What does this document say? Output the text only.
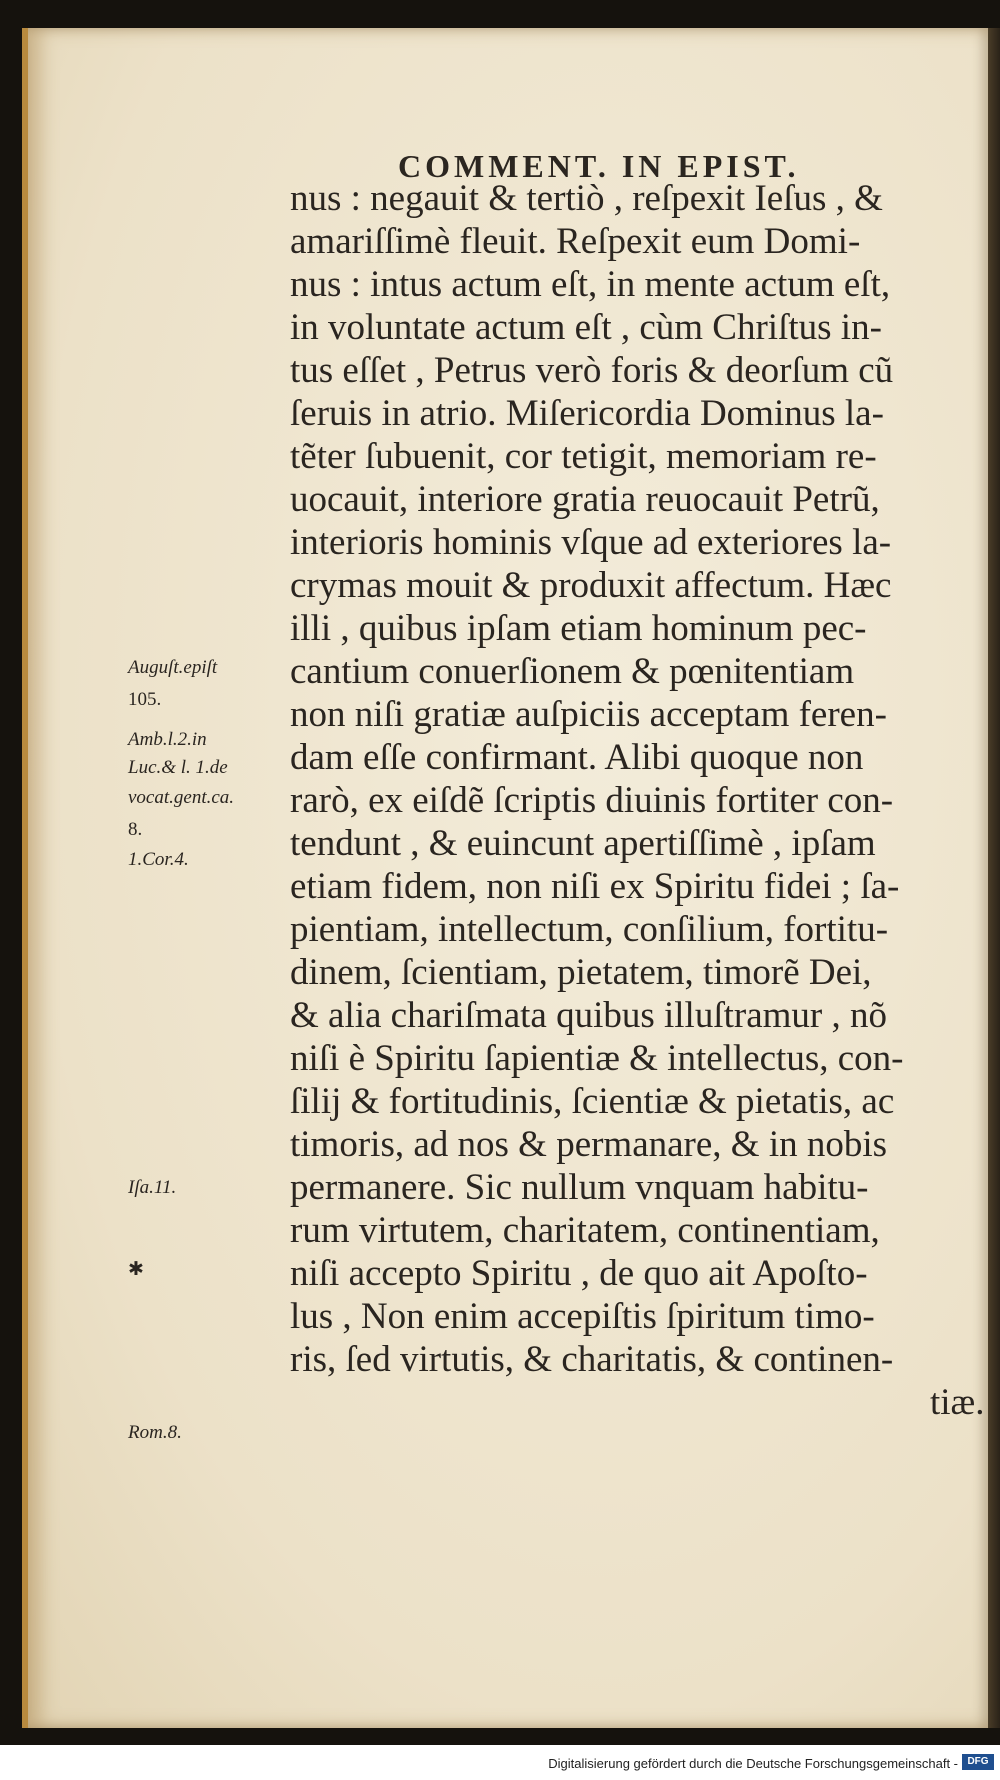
COMMENT. IN EPIST.
nus : negauit & tertiò , reſpexit Ieſus , &
amariſſimè fleuit. Reſpexit eum Domi-
nus : intus actum eſt, in mente actum eſt,
in voluntate actum eſt , cùm Chriſtus in-
tus eſſet , Petrus verò foris & deorſum cũ
ſeruis in atrio. Miſericordia Dominus la-
tẽter ſubuenit, cor tetigit, memoriam re-
uocauit, interiore gratia reuocauit Petrũ,
interioris hominis vſque ad exteriores la-
crymas mouit & produxit affectum. Hæc
illi , quibus ipſam etiam hominum pec-
cantium conuerſionem & pœnitentiam
non niſi gratiæ auſpiciis acceptam feren-
dam eſſe confirmant. Alibi quoque non
rarò, ex eiſdẽ ſcriptis diuinis fortiter con-
tendunt , & euincunt apertiſſimè , ipſam
etiam fidem, non niſi ex Spiritu fidei ; ſa-
pientiam, intellectum, conſilium, fortitu-
dinem, ſcientiam, pietatem, timorẽ Dei,
& alia chariſmata quibus illuſtramur , nõ
niſi è Spiritu ſapientiæ & intellectus, con-
ſilij & fortitudinis, ſcientiæ & pietatis, ac
timoris, ad nos & permanare, & in nobis
permanere. Sic nullum vnquam habitu-
rum virtutem, charitatem, continentiam,
niſi accepto Spiritu , de quo ait Apoſto-
lus , Non enim accepiſtis ſpiritum timo-
ris, ſed virtutis, & charitatis, & continen-
tiæ.
Auguſt.epiſt
105.
Amb.l.2.in
Luc.& l. 1.de
vocat.gent.ca.
8.
1.Cor.4.
Iſa.11.
✱
Rom.8.
Digitalisierung gefördert durch die Deutsche Forschungsgemeinschaft - DFG
